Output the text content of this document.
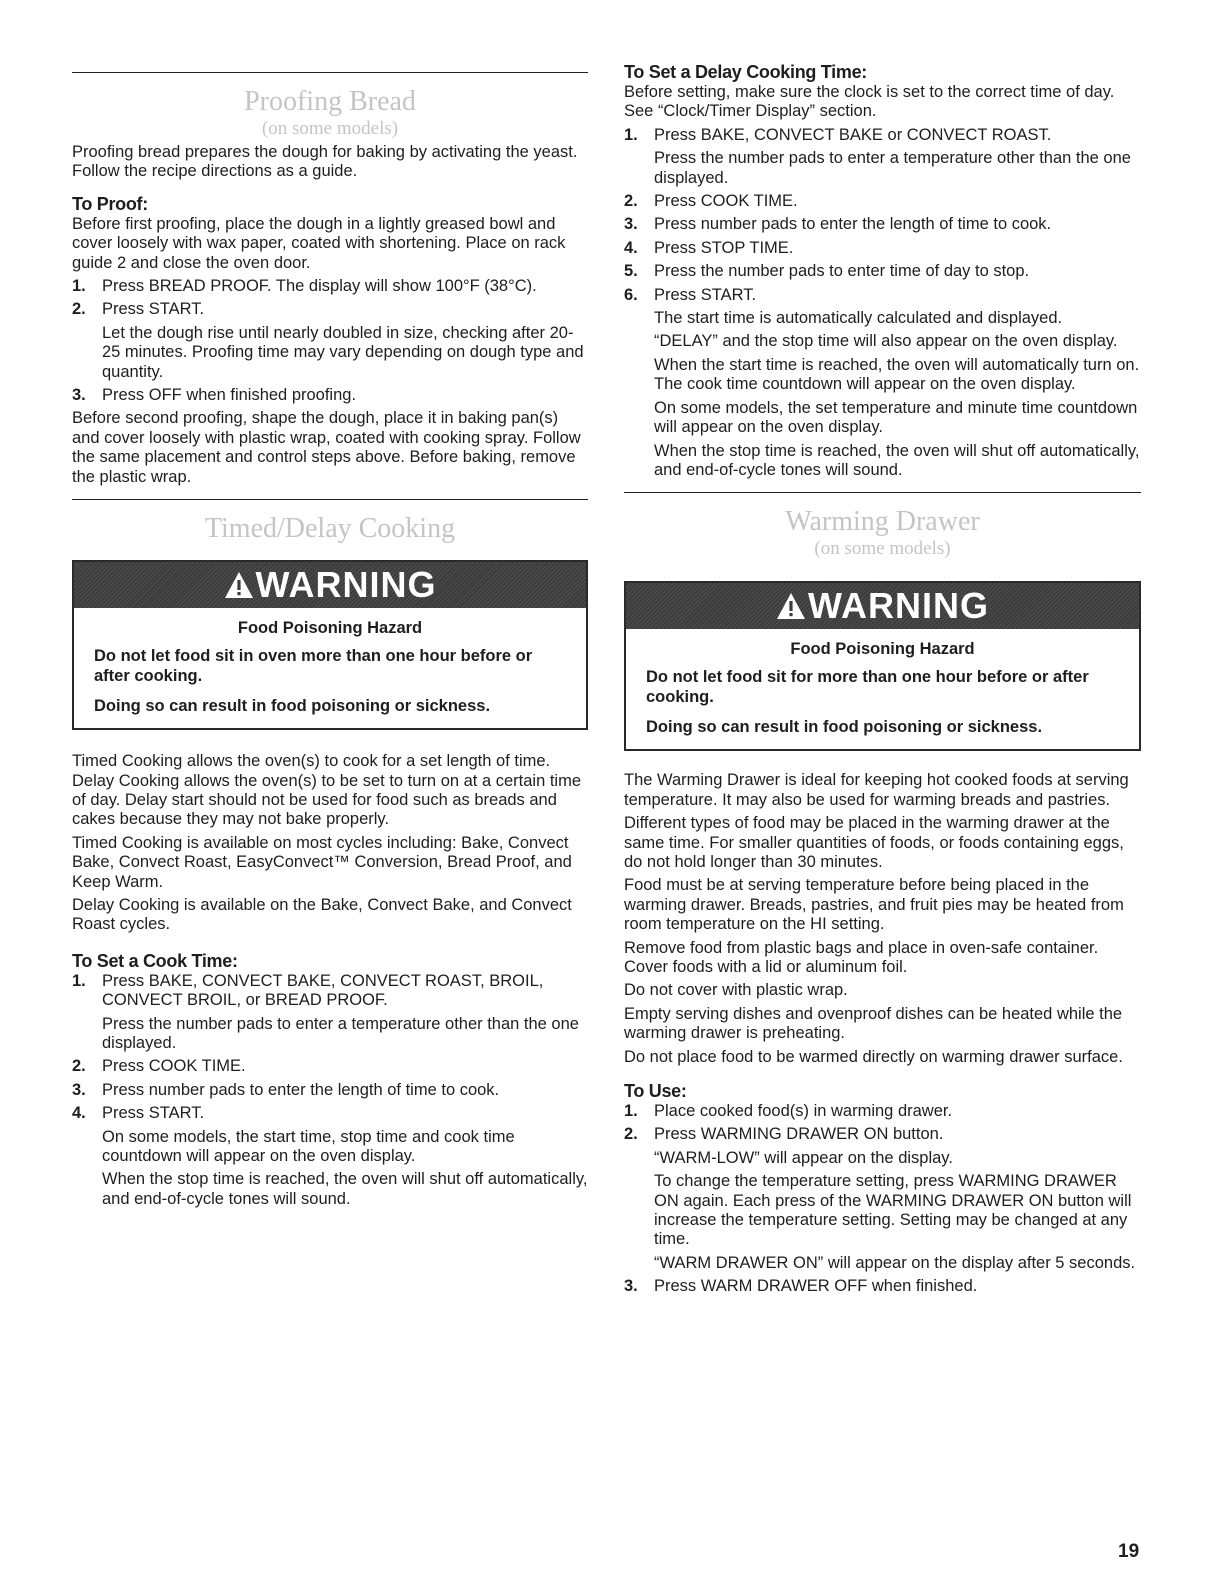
Proofing Bread
(on some models)

Proofing bread prepares the dough for baking by activating the yeast. Follow the recipe directions as a guide.

To Proof:

Before first proofing, place the dough in a lightly greased bowl and cover loosely with wax paper, coated with shortening. Place on rack guide 2 and close the oven door.

1. Press BREAD PROOF. The display will show 100°F (38°C).
2. Press START.
Let the dough rise until nearly doubled in size, checking after 20-25 minutes. Proofing time may vary depending on dough type and quantity.
3. Press OFF when finished proofing.

Before second proofing, shape the dough, place it in baking pan(s) and cover loosely with plastic wrap, coated with cooking spray. Follow the same placement and control steps above. Before baking, remove the plastic wrap.

Timed/Delay Cooking
WARNING

Food Poisoning Hazard

Do not let food sit in oven more than one hour before or after cooking.

Doing so can result in food poisoning or sickness.

Timed Cooking allows the oven(s) to cook for a set length of time. Delay Cooking allows the oven(s) to be set to turn on at a certain time of day. Delay start should not be used for food such as breads and cakes because they may not bake properly.

Timed Cooking is available on most cycles including: Bake, Convect Bake, Convect Roast, EasyConvect™ Conversion, Bread Proof, and Keep Warm.

Delay Cooking is available on the Bake, Convect Bake, and Convect Roast cycles.

To Set a Cook Time:
1. Press BAKE, CONVECT BAKE, CONVECT ROAST, BROIL, CONVECT BROIL, or BREAD PROOF.
Press the number pads to enter a temperature other than the one displayed.
2. Press COOK TIME.
3. Press number pads to enter the length of time to cook.
4. Press START.
On some models, the start time, stop time and cook time countdown will appear on the oven display.
When the stop time is reached, the oven will shut off automatically, and end-of-cycle tones will sound.
To Set a Delay Cooking Time:

Before setting, make sure the clock is set to the correct time of day. See “Clock/Timer Display” section.

1. Press BAKE, CONVECT BAKE or CONVECT ROAST.
Press the number pads to enter a temperature other than the one displayed.
2. Press COOK TIME.
3. Press number pads to enter the length of time to cook.
4. Press STOP TIME.
5. Press the number pads to enter time of day to stop.
6. Press START.
The start time is automatically calculated and displayed.
“DELAY” and the stop time will also appear on the oven display.
When the start time is reached, the oven will automatically turn on. The cook time countdown will appear on the oven display.
On some models, the set temperature and minute time countdown will appear on the oven display.
When the stop time is reached, the oven will shut off automatically, and end-of-cycle tones will sound.
Warming Drawer
(on some models)
WARNING

Food Poisoning Hazard

Do not let food sit for more than one hour before or after cooking.

Doing so can result in food poisoning or sickness.

The Warming Drawer is ideal for keeping hot cooked foods at serving temperature. It may also be used for warming breads and pastries.

Different types of food may be placed in the warming drawer at the same time. For smaller quantities of foods, or foods containing eggs, do not hold longer than 30 minutes.

Food must be at serving temperature before being placed in the warming drawer. Breads, pastries, and fruit pies may be heated from room temperature on the HI setting.

Remove food from plastic bags and place in oven-safe container. Cover foods with a lid or aluminum foil.

Do not cover with plastic wrap.

Empty serving dishes and ovenproof dishes can be heated while the warming drawer is preheating.

Do not place food to be warmed directly on warming drawer surface.

To Use:
1. Place cooked food(s) in warming drawer.
2. Press WARMING DRAWER ON button.
“WARM-LOW” will appear on the display.
To change the temperature setting, press WARMING DRAWER ON again. Each press of the WARMING DRAWER ON button will increase the temperature setting. Setting may be changed at any time.
“WARM DRAWER ON” will appear on the display after 5 seconds.
3. Press WARM DRAWER OFF when finished.
19
